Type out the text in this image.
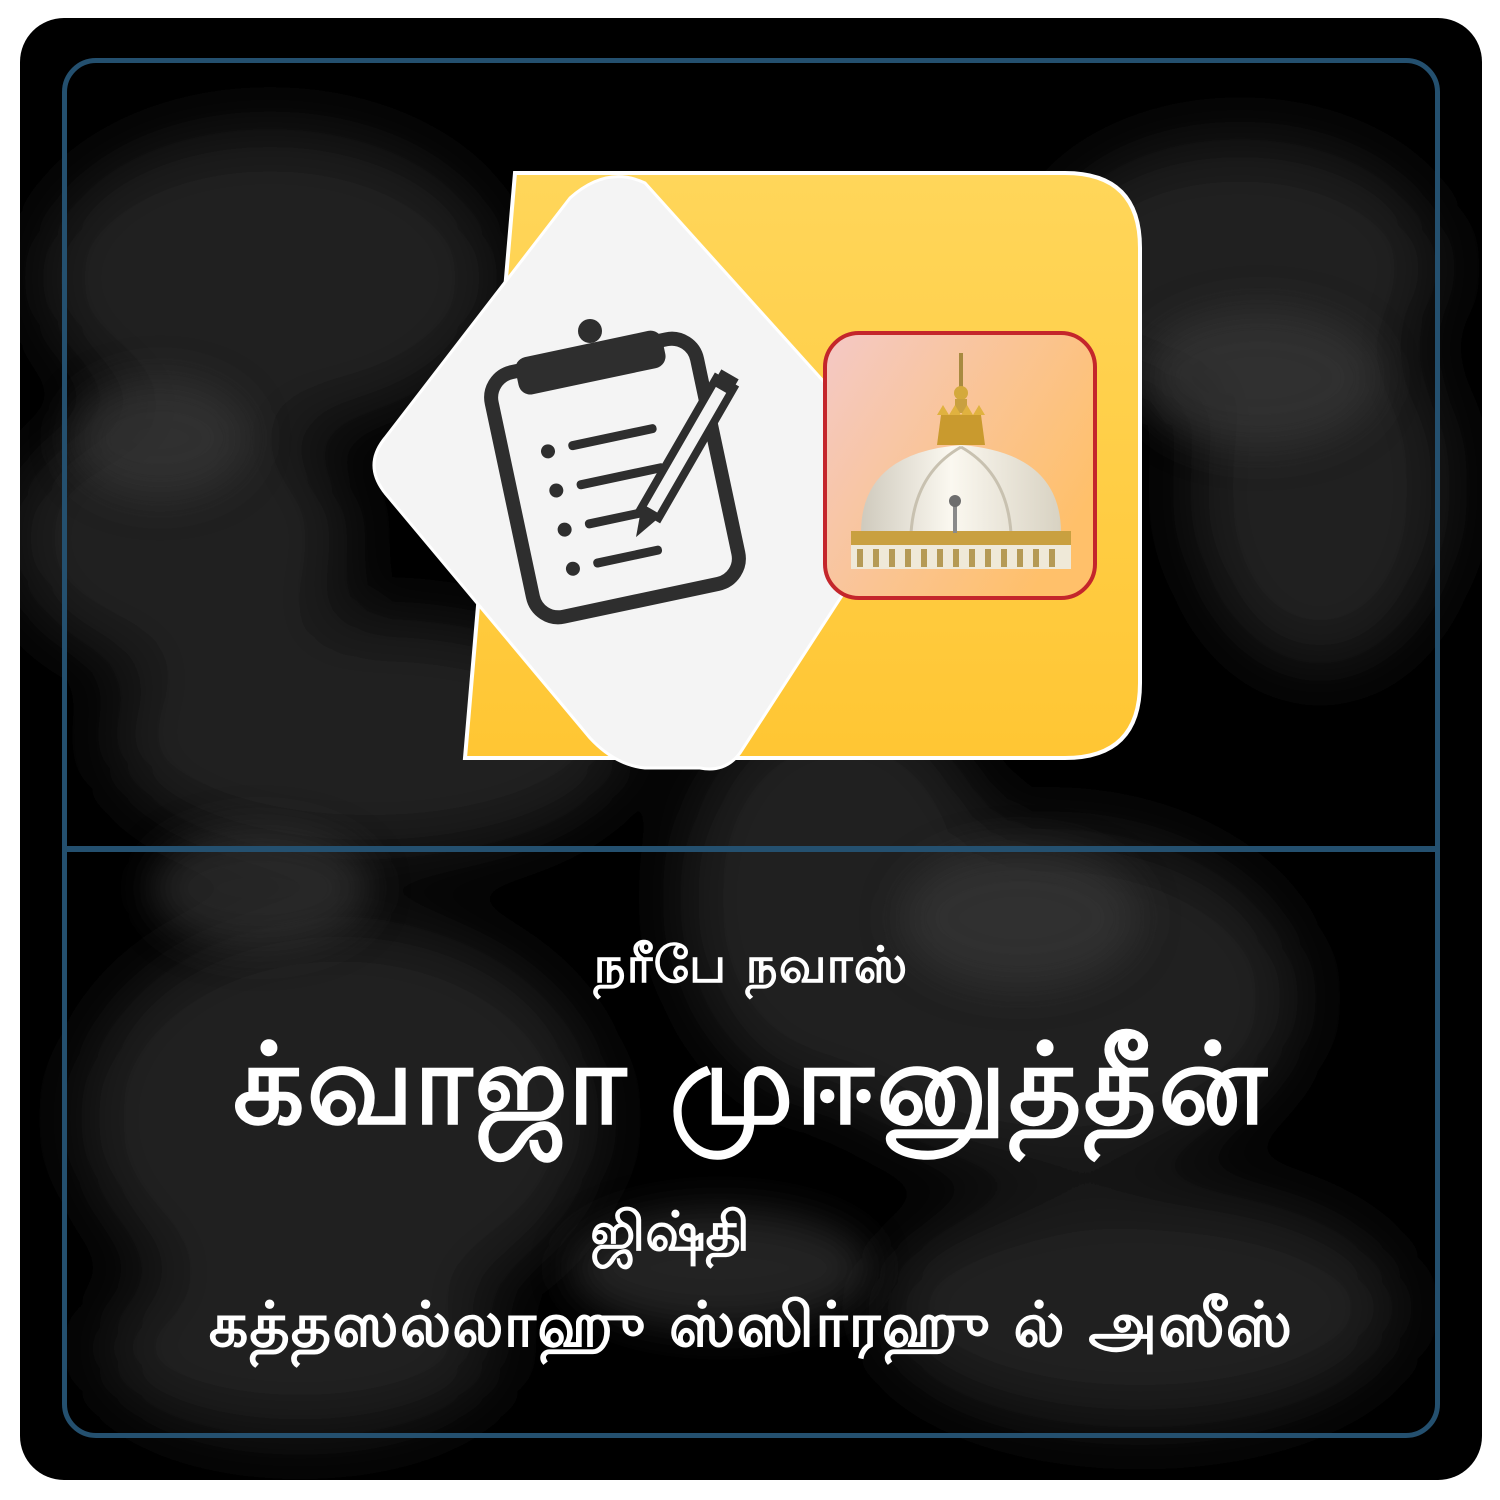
நரீபே நவாஸ்
க்வாஜா முஈனுத்தீன்
ஜிஷ்தி
கத்தஸல்லாஹு ஸ்ஸிர்ரஹு ல் அஸீஸ்
